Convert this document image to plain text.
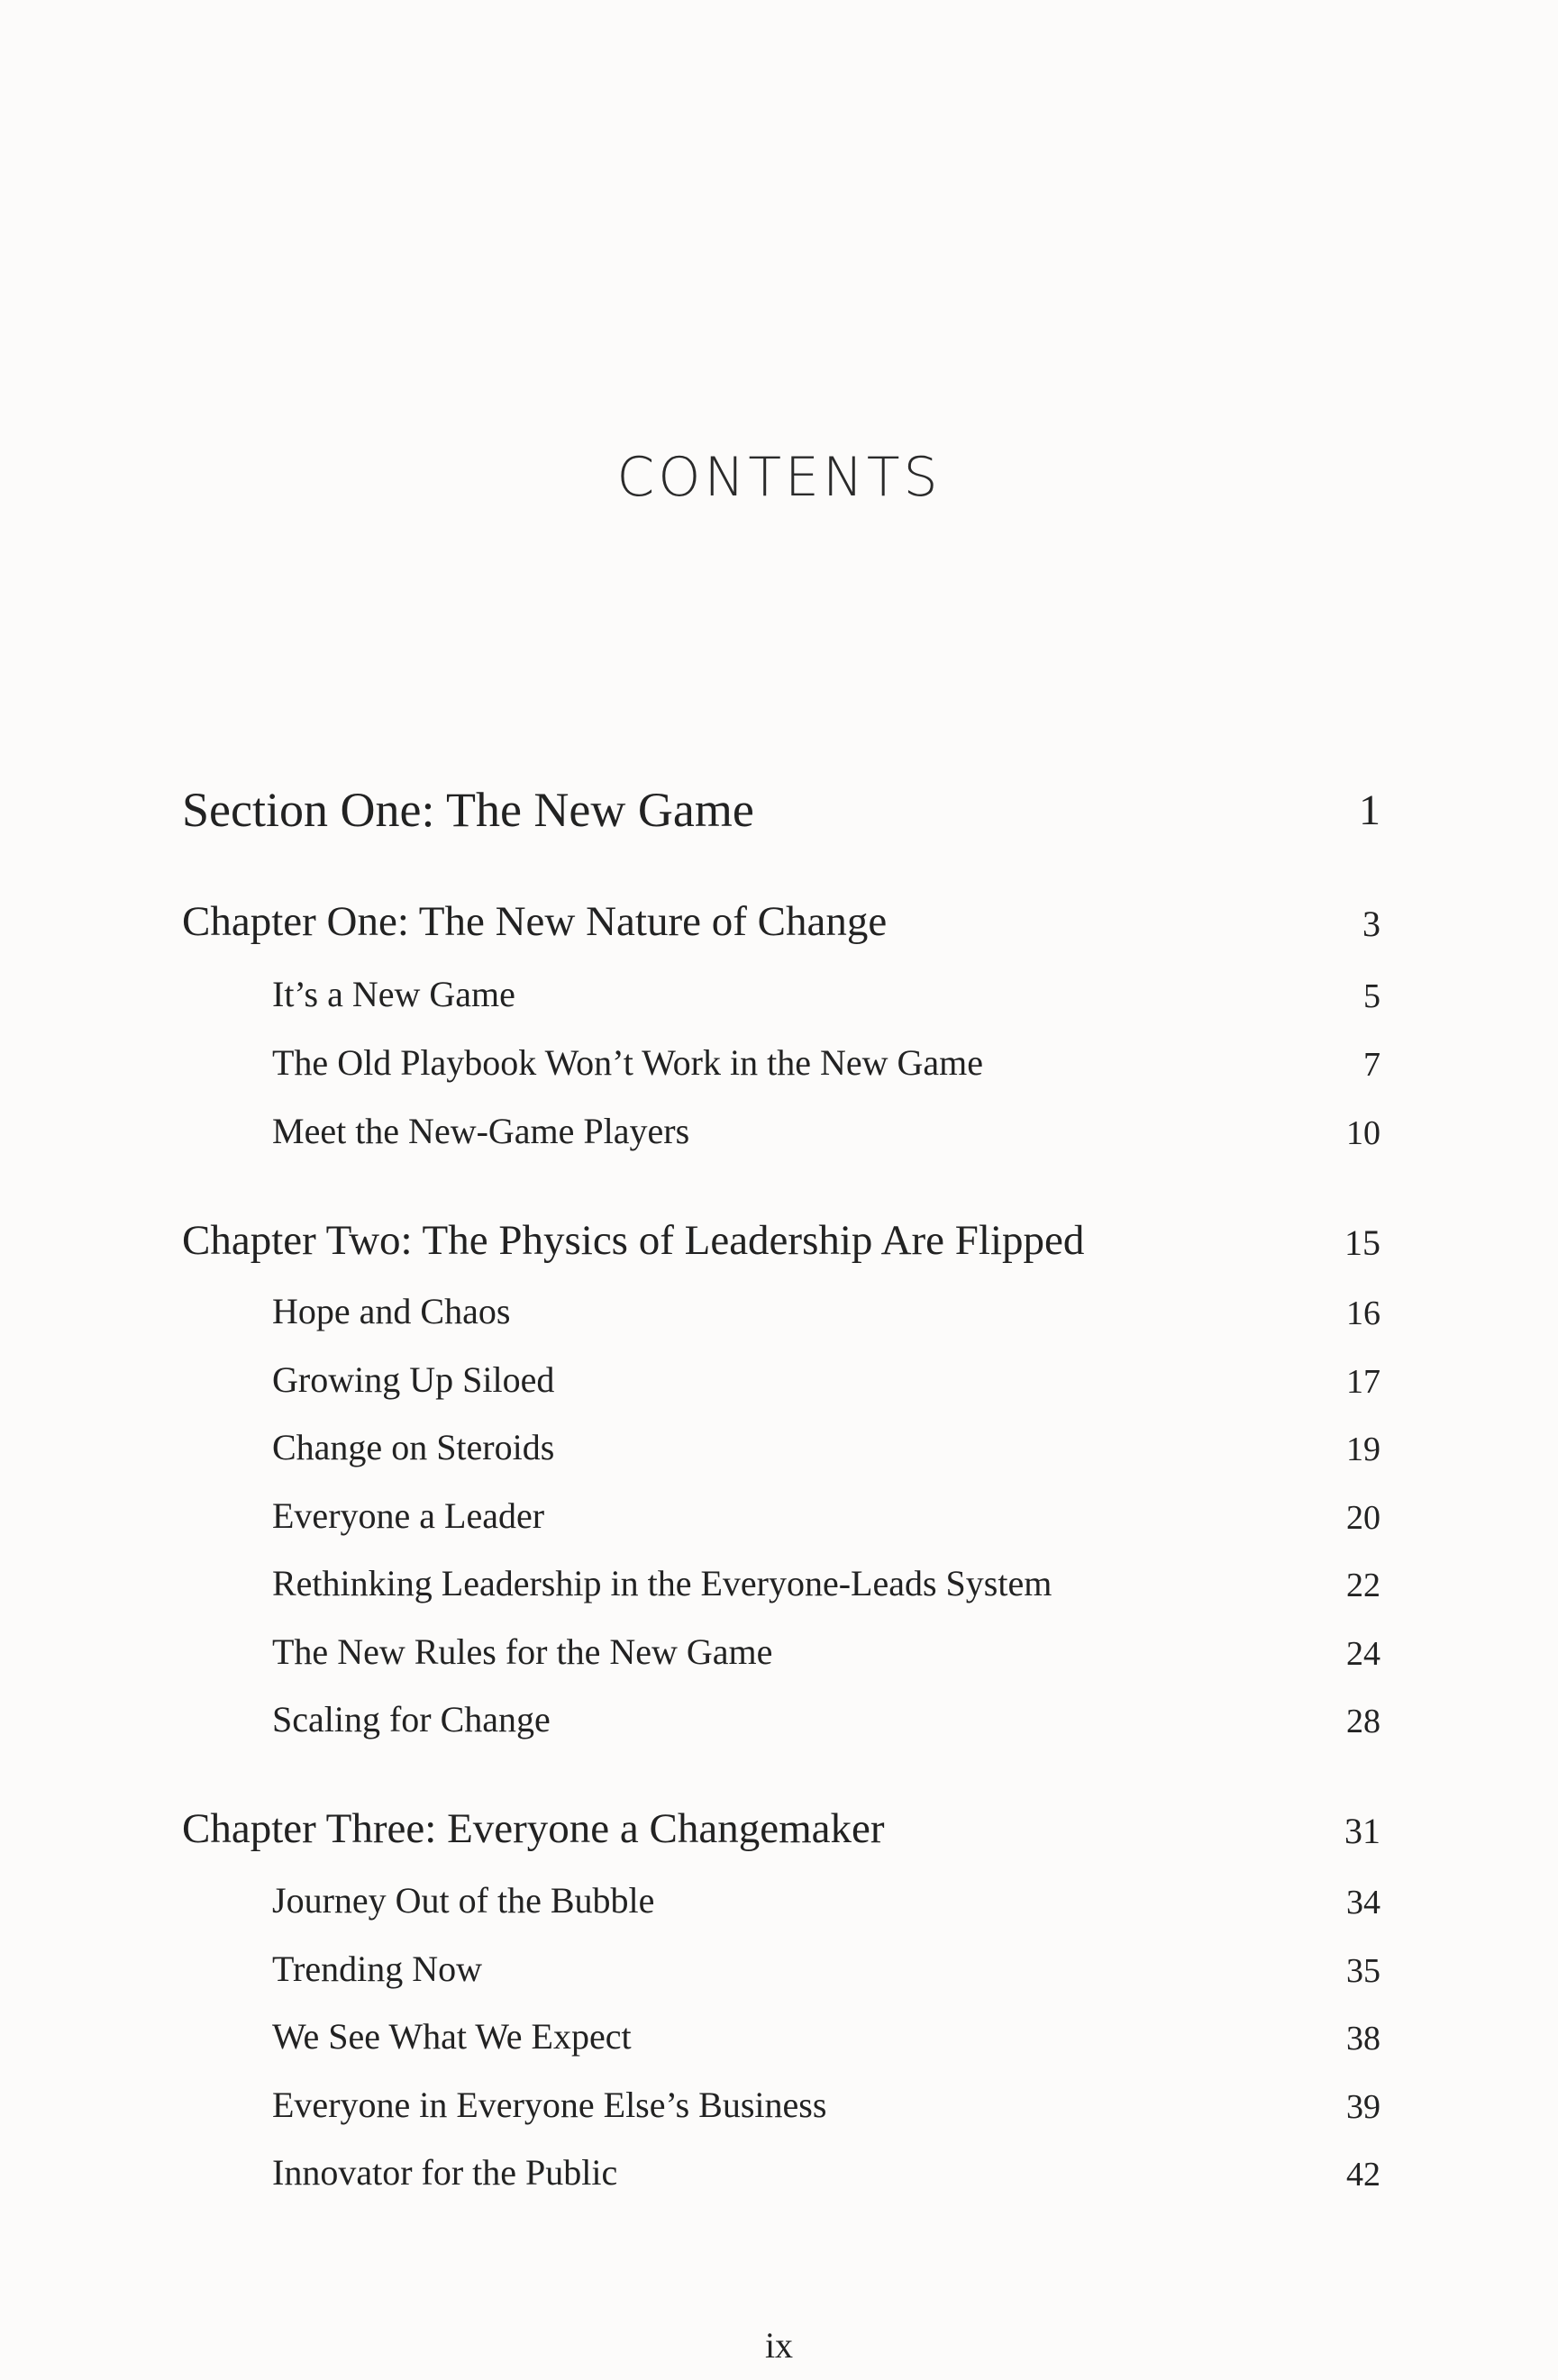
CONTENTS
Section One: The New Game	1
Chapter One: The New Nature of Change	3
It’s a New Game	5
The Old Playbook Won’t Work in the New Game	7
Meet the New-Game Players	10
Chapter Two: The Physics of Leadership Are Flipped	15
Hope and Chaos	16
Growing Up Siloed	17
Change on Steroids	19
Everyone a Leader	20
Rethinking Leadership in the Everyone-Leads System	22
The New Rules for the New Game	24
Scaling for Change	28
Chapter Three: Everyone a Changemaker	31
Journey Out of the Bubble	34
Trending Now	35
We See What We Expect	38
Everyone in Everyone Else’s Business	39
Innovator for the Public	42
ix
